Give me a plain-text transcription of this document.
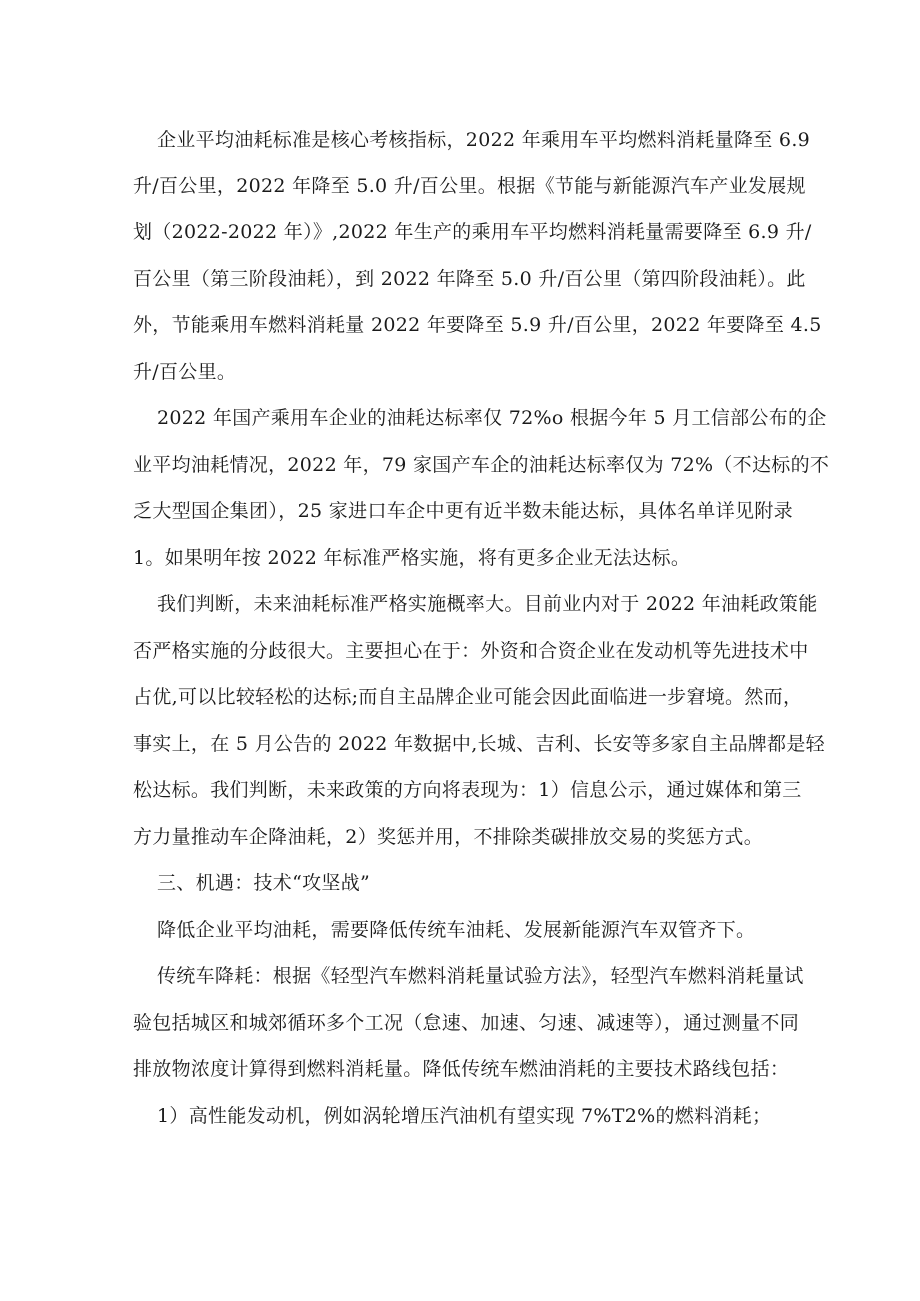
企业平均油耗标准是核心考核指标，2022 年乘用车平均燃料消耗量降至 6.9
升/百公里，2022 年降至 5.0 升/百公里。根据《节能与新能源汽车产业发展规
划（2022-2022 年）》,2022 年生产的乘用车平均燃料消耗量需要降至 6.9 升/
百公里（第三阶段油耗），到 2022 年降至 5.0 升/百公里（第四阶段油耗）。此
外，节能乘用车燃料消耗量 2022 年要降至 5.9 升/百公里，2022 年要降至 4.5
升/百公里。
2022 年国产乘用车企业的油耗达标率仅 72%o 根据今年 5 月工信部公布的企
业平均油耗情况，2022 年，79 家国产车企的油耗达标率仅为 72%（不达标的不
乏大型国企集团），25 家进口车企中更有近半数未能达标，具体名单详见附录
1。如果明年按 2022 年标准严格实施，将有更多企业无法达标。
我们判断，未来油耗标准严格实施概率大。目前业内对于 2022 年油耗政策能
否严格实施的分歧很大。主要担心在于：外资和合资企业在发动机等先进技术中
占优,可以比较轻松的达标;而自主品牌企业可能会因此面临进一步窘境。然而，
事实上，在 5 月公告的 2022 年数据中,长城、吉利、长安等多家自主品牌都是轻
松达标。我们判断，未来政策的方向将表现为：1）信息公示，通过媒体和第三
方力量推动车企降油耗，2）奖惩并用，不排除类碳排放交易的奖惩方式。
三、机遇：技术“攻坚战”
降低企业平均油耗，需要降低传统车油耗、发展新能源汽车双管齐下。
传统车降耗：根据《轻型汽车燃料消耗量试验方法》，轻型汽车燃料消耗量试
验包括城区和城郊循环多个工况（怠速、加速、匀速、减速等），通过测量不同
排放物浓度计算得到燃料消耗量。降低传统车燃油消耗的主要技术路线包括：
1）高性能发动机，例如涡轮增压汽油机有望实现 7%T2%的燃料消耗；
